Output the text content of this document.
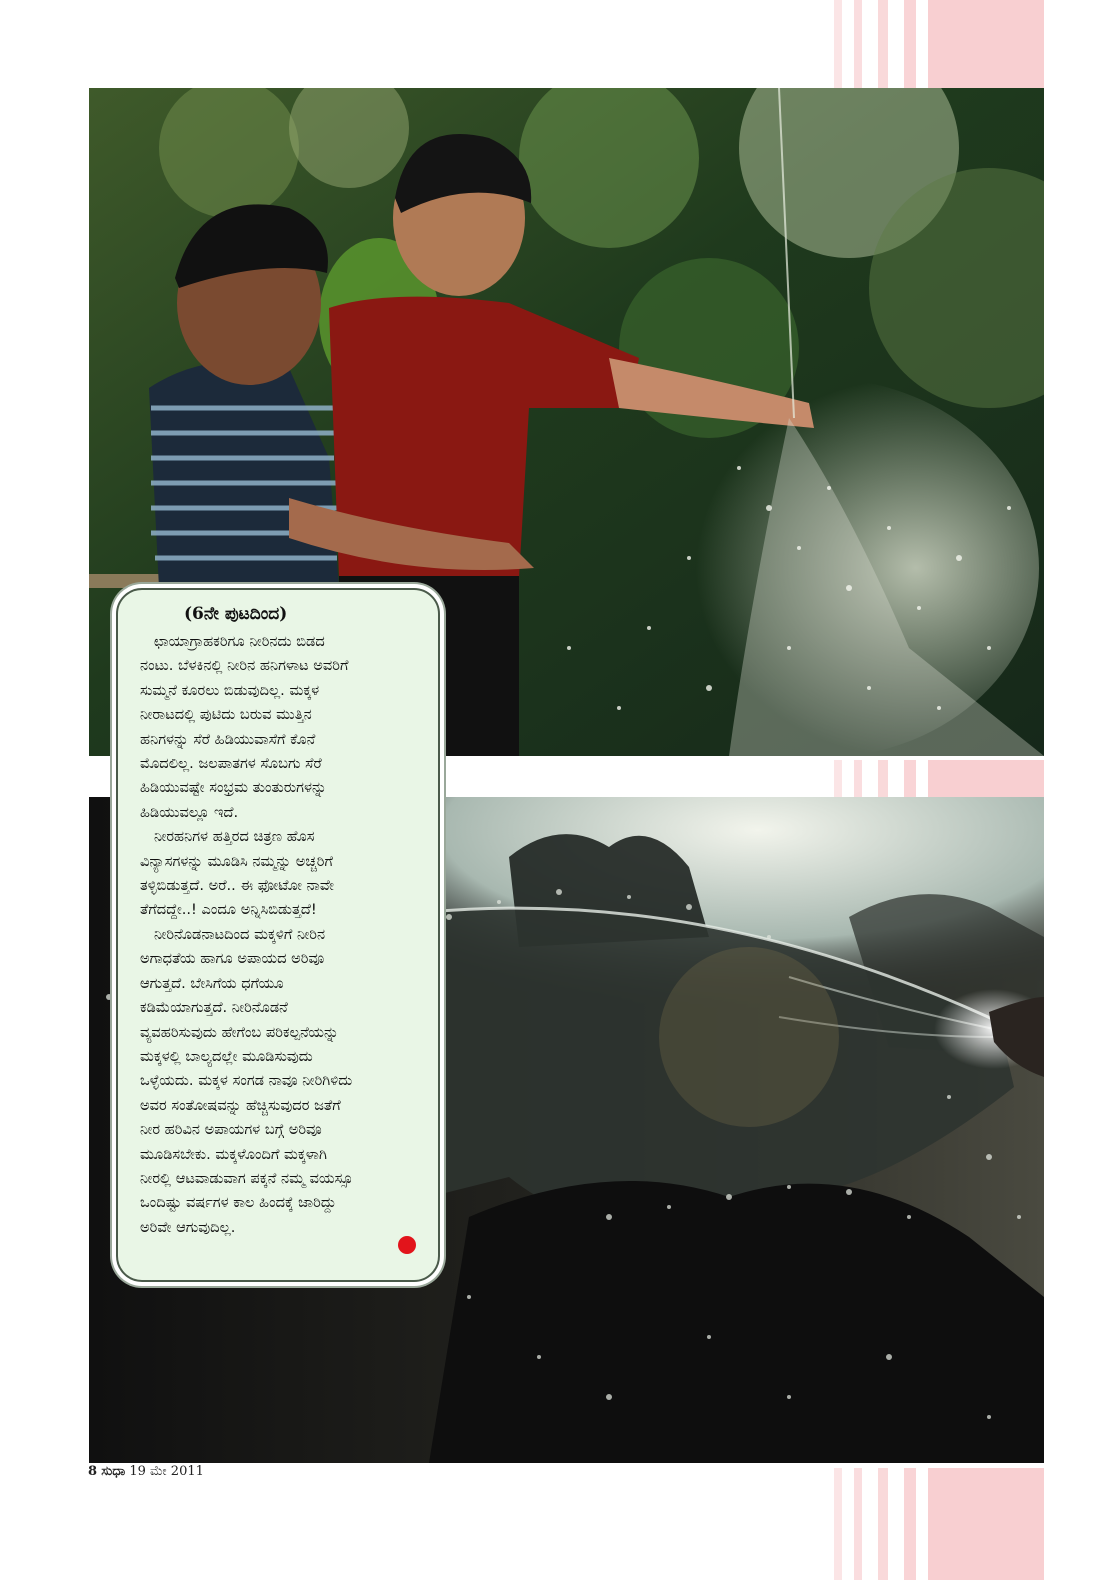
(6ನೇ ಪುಟದಿಂದ)

ಛಾಯಾಗ್ರಾಹಕರಿಗೂ ನೀರಿನದು ಬಿಡದ
ನಂಟು. ಬೆಳಕಿನಲ್ಲಿ ನೀರಿನ ಹನಿಗಳಾಟ ಅವರಿಗೆ
ಸುಮ್ಮನೆ ಕೂರಲು ಬಿಡುವುದಿಲ್ಲ. ಮಕ್ಕಳ
ನೀರಾಟದಲ್ಲಿ ಪುಟಿದು ಬರುವ ಮುತ್ತಿನ
ಹನಿಗಳನ್ನು ಸೆರೆ ಹಿಡಿಯುವಾಸೆಗೆ ಕೊನೆ
ಮೊದಲಿಲ್ಲ. ಜಲಪಾತಗಳ ಸೊಬಗು ಸೆರೆ
ಹಿಡಿಯುವಷ್ಟೇ ಸಂಭ್ರಮ ತುಂತುರುಗಳನ್ನು
ಹಿಡಿಯುವಲ್ಲೂ ಇದೆ.

ನೀರಹನಿಗಳ ಹತ್ತಿರದ ಚಿತ್ರಣ ಹೊಸ
ವಿನ್ಯಾಸಗಳನ್ನು ಮೂಡಿಸಿ ನಮ್ಮನ್ನು ಅಚ್ಚರಿಗೆ
ತಳ್ಳಿಬಿಡುತ್ತದೆ. ಅರೆ.. ಈ ಫೋಟೋ ನಾವೇ
ತೆಗೆದದ್ದೇ..! ಎಂದೂ ಅನ್ನಿಸಿಬಿಡುತ್ತದೆ!

ನೀರಿನೊಡನಾಟದಿಂದ ಮಕ್ಕಳಿಗೆ ನೀರಿನ
ಅಗಾಧತೆಯ ಹಾಗೂ ಅಪಾಯದ ಅರಿವೂ
ಆಗುತ್ತದೆ. ಬೇಸಿಗೆಯ ಧಗೆಯೂ
ಕಡಿಮೆಯಾಗುತ್ತದೆ. ನೀರಿನೊಡನೆ
ವ್ಯವಹರಿಸುವುದು ಹೇಗೆಂಬ ಪರಿಕಲ್ಪನೆಯನ್ನು
ಮಕ್ಕಳಲ್ಲಿ ಬಾಲ್ಯದಲ್ಲೇ ಮೂಡಿಸುವುದು
ಒಳ್ಳೆಯದು. ಮಕ್ಕಳ ಸಂಗಡ ನಾವೂ ನೀರಿಗಿಳಿದು
ಅವರ ಸಂತೋಷವನ್ನು ಹೆಚ್ಚಿಸುವುದರ ಜತೆಗೆ
ನೀರ ಹರಿವಿನ ಅಪಾಯಗಳ ಬಗ್ಗೆ ಅರಿವೂ
ಮೂಡಿಸಬೇಕು. ಮಕ್ಕಳೊಂದಿಗೆ ಮಕ್ಕಳಾಗಿ
ನೀರಲ್ಲಿ ಆಟವಾಡುವಾಗ ಪಕ್ಕನೆ ನಮ್ಮ ವಯಸ್ಸೂ
ಒಂದಿಷ್ಟು ವರ್ಷಗಳ ಕಾಲ ಹಿಂದಕ್ಕೆ ಜಾರಿದ್ದು
ಅರಿವೇ ಆಗುವುದಿಲ್ಲ.

8 ಸುಧಾ 19 ಮೇ 2011
